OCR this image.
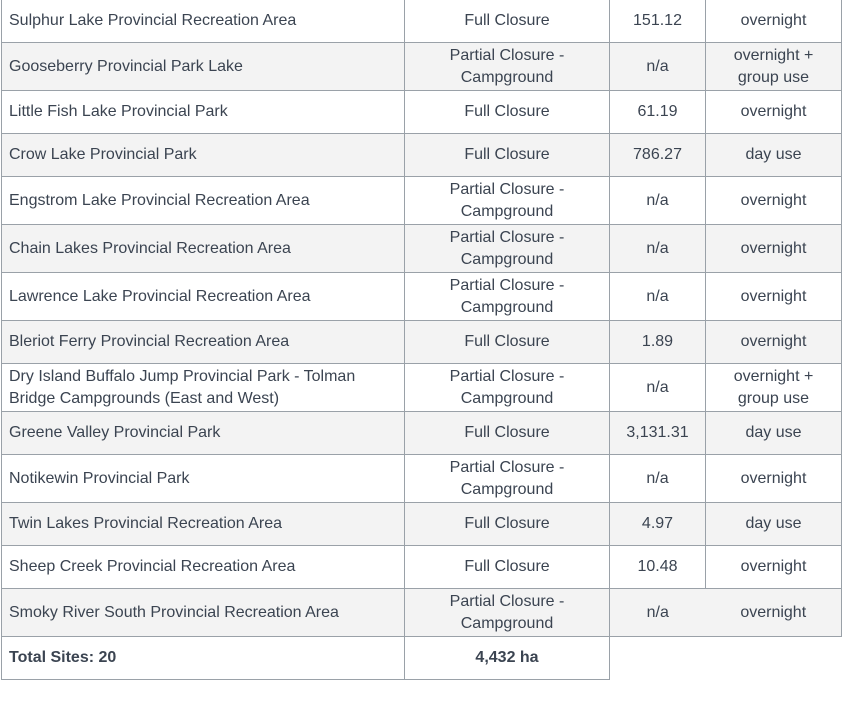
Sulphur Lake Provincial Recreation Area	Full Closure	151.12	overnight
Gooseberry Provincial Park Lake	Partial Closure - Campground	n/a	overnight + group use
Little Fish Lake Provincial Park	Full Closure	61.19	overnight
Crow Lake Provincial Park	Full Closure	786.27	day use
Engstrom Lake Provincial Recreation Area	Partial Closure - Campground	n/a	overnight
Chain Lakes Provincial Recreation Area	Partial Closure - Campground	n/a	overnight
Lawrence Lake Provincial Recreation Area	Partial Closure - Campground	n/a	overnight
Bleriot Ferry Provincial Recreation Area	Full Closure	1.89	overnight
Dry Island Buffalo Jump Provincial Park - Tolman Bridge Campgrounds (East and West)	Partial Closure - Campground	n/a	overnight + group use
Greene Valley Provincial Park	Full Closure	3,131.31	day use
Notikewin Provincial Park	Partial Closure - Campground	n/a	overnight
Twin Lakes Provincial Recreation Area	Full Closure	4.97	day use
Sheep Creek Provincial Recreation Area	Full Closure	10.48	overnight
Smoky River South Provincial Recreation Area	Partial Closure - Campground	n/a	overnight
Total Sites: 20	4,432 ha		
